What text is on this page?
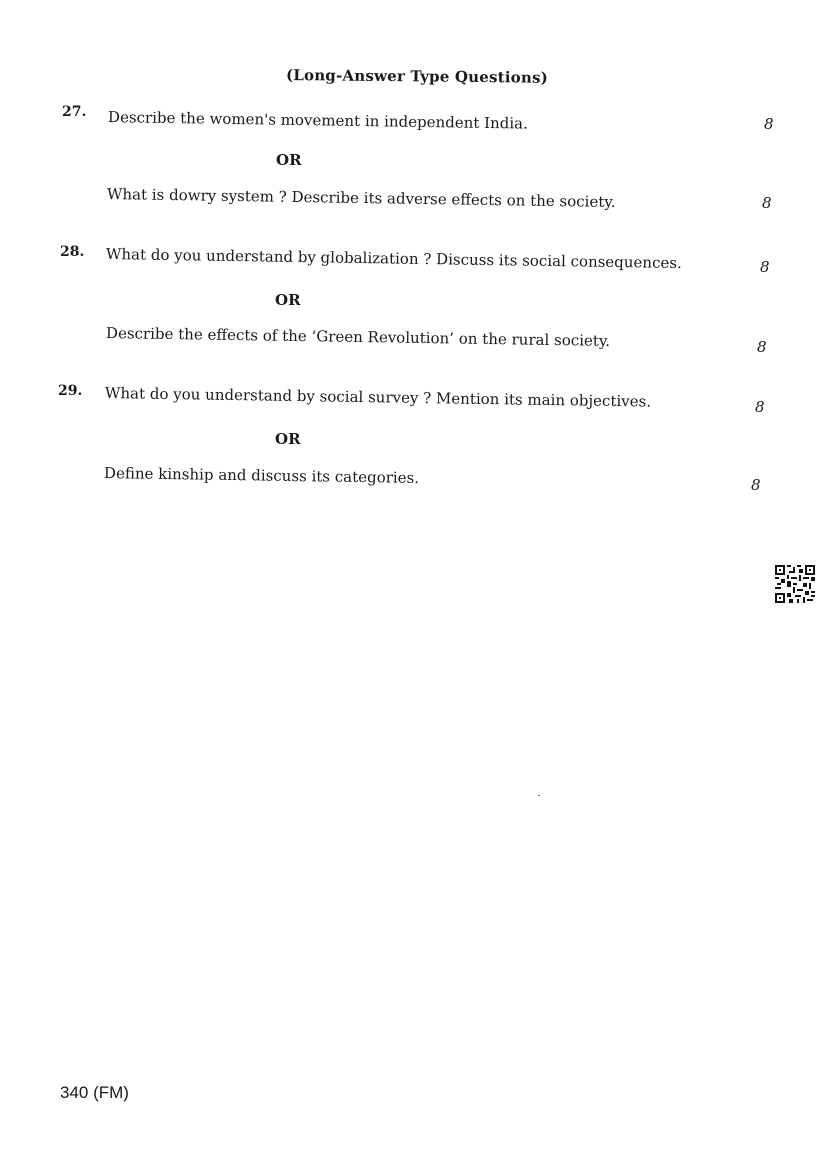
(Long-Answer Type Questions)
27. Describe the women's movement in independent India.	8
OR
What is dowry system ? Describe its adverse effects on the society.	8
28. What do you understand by globalization ? Discuss its social consequences.	8
OR
Describe the effects of the ‘Green Revolution’ on the rural society.	8
29. What do you understand by social survey ? Mention its main objectives.	8
OR
Define kinship and discuss its categories.	8
340 (FM)
